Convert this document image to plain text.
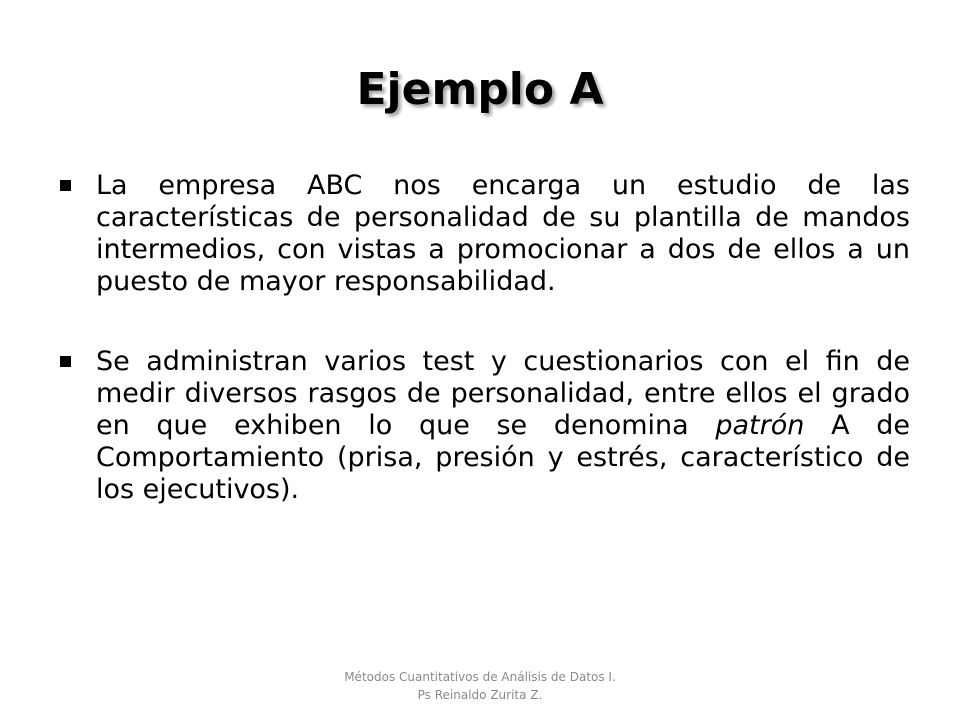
Ejemplo A

La empresa ABC nos encarga un estudio de las características de personalidad de su plantilla de mandos intermedios, con vistas a promocionar a dos de ellos a un puesto de mayor responsabilidad.

Se administran varios test y cuestionarios con el fin de medir diversos rasgos de personalidad, entre ellos el grado en que exhiben lo que se denomina patrón A de Comportamiento (prisa, presión y estrés, característico de los ejecutivos).

Métodos Cuantitativos de Análisis de Datos I.
Ps Reinaldo Zurita Z.
